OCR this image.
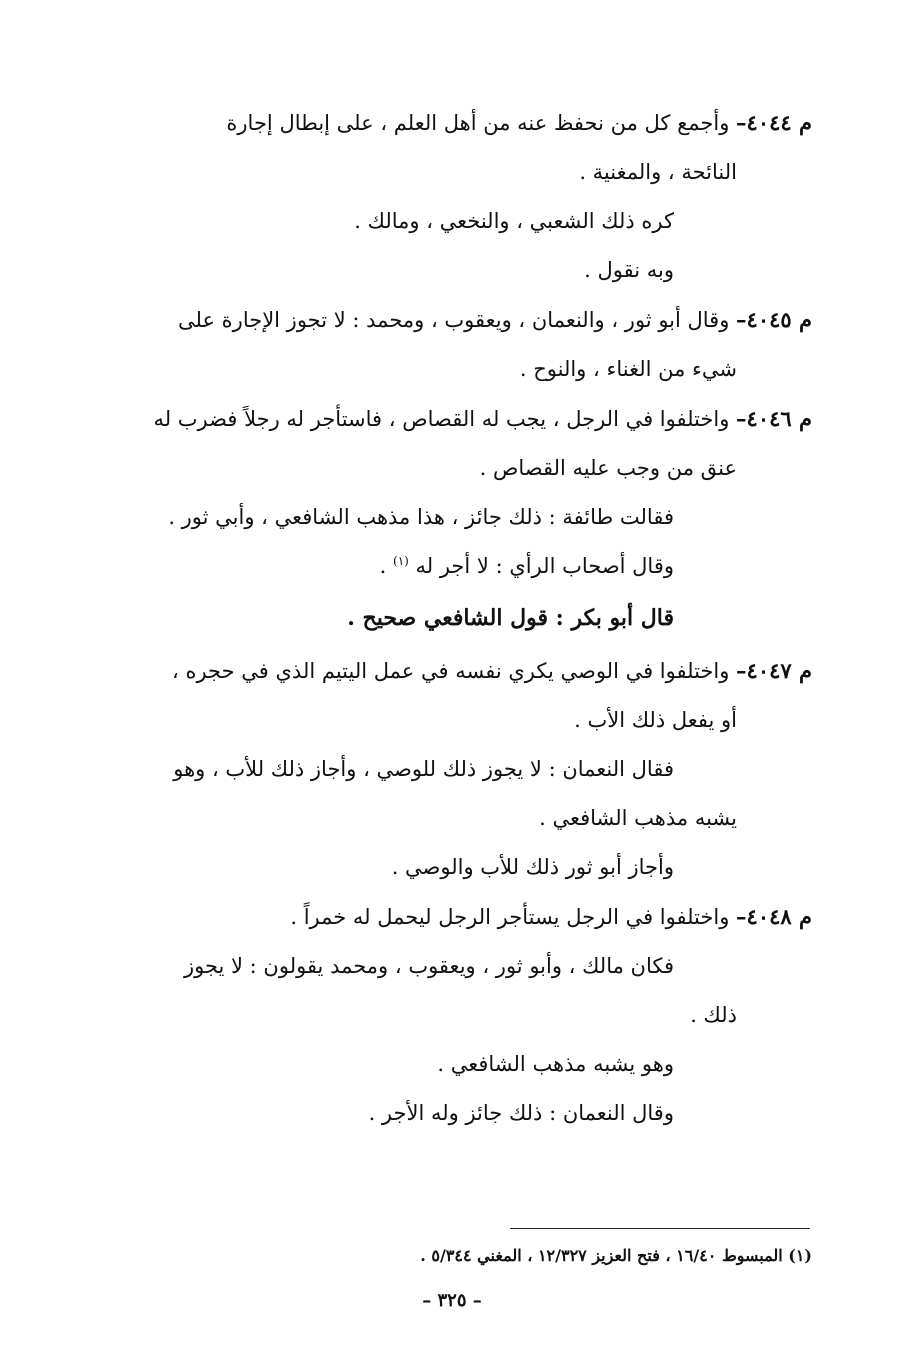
م ٤٠٤٤– وأجمع كل من نحفظ عنه من أهل العلم ، على إبطال إجارة

النائحة ، والمغنية .

كره ذلك الشعبي ، والنخعي ، ومالك .

وبه نقول .

م ٤٠٤٥– وقال أبو ثور ، والنعمان ، ويعقوب ، ومحمد : لا تجوز الإجارة على

شيء من الغناء ، والنوح .

م ٤٠٤٦– واختلفوا في الرجل ، يجب له القصاص ، فاستأجر له رجلاً فضرب له

عنق من وجب عليه القصاص .

فقالت طائفة : ذلك جائز ، هذا مذهب الشافعي ، وأبي ثور .

وقال أصحاب الرأي : لا أجر له $^{(١)}$ .

قال أبو بكر : قول الشافعي صحيح .

م ٤٠٤٧– واختلفوا في الوصي يكري نفسه في عمل اليتيم الذي في حجره ،

أو يفعل ذلك الأب .

فقال النعمان : لا يجوز ذلك للوصي ، وأجاز ذلك للأب ، وهو

يشبه مذهب الشافعي .

وأجاز أبو ثور ذلك للأب والوصي .

م ٤٠٤٨– واختلفوا في الرجل يستأجر الرجل ليحمل له خمراً .

فكان مالك ، وأبو ثور ، ويعقوب ، ومحمد يقولون : لا يجوز

ذلك .

وهو يشبه مذهب الشافعي .

وقال النعمان : ذلك جائز وله الأجر .

(١) المبسوط ١٦/٤٠ ، فتح العزيز ١٢/٣٢٧ ، المغني ٥/٣٤٤ .
– ٣٢٥ –
